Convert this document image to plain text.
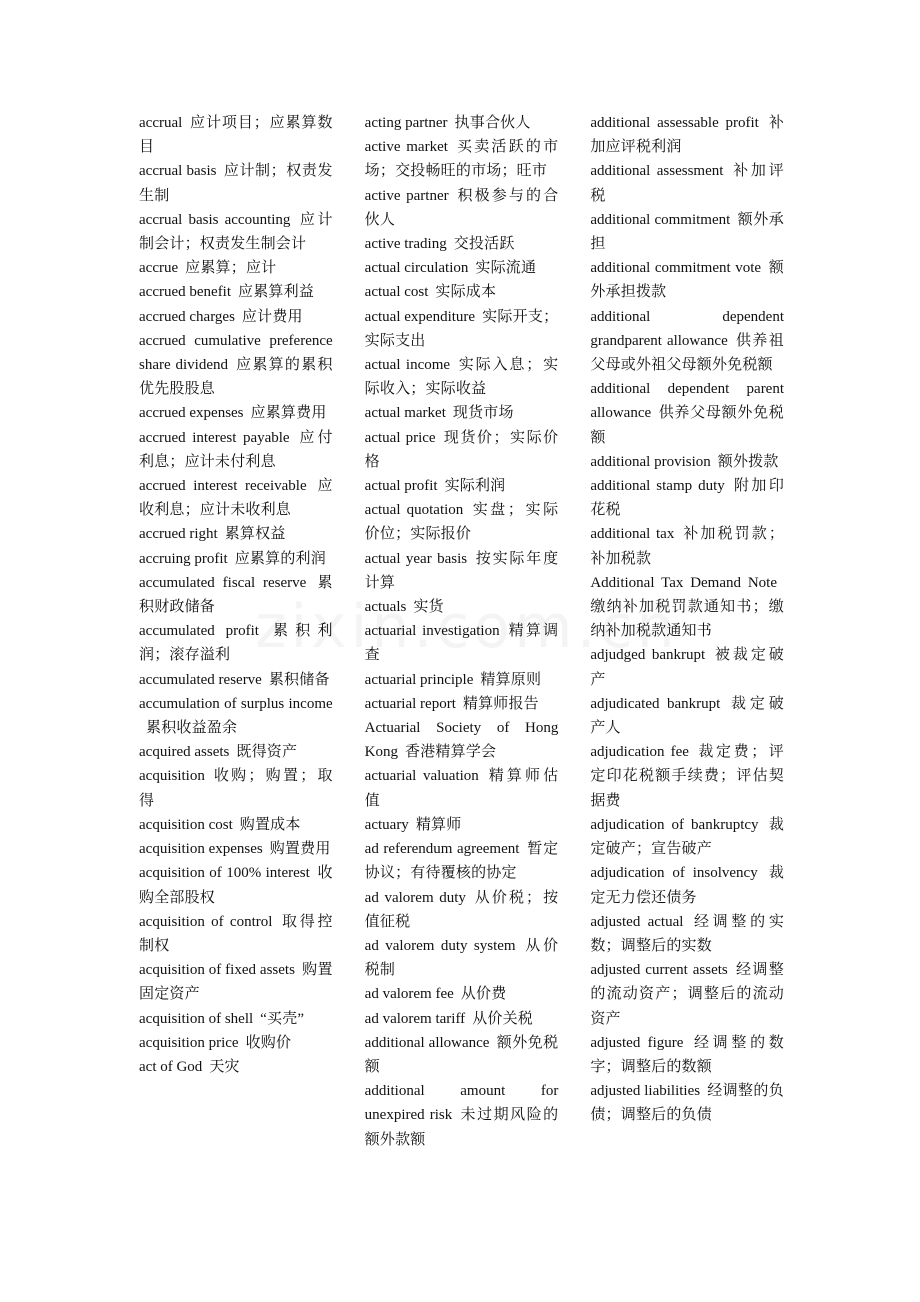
accrual 应计项目；应累算数目
accrual basis 应计制；权责发生制
accrual basis accounting 应计制会计；权责发生制会计
accrue 应累算；应计
accrued benefit 应累算利益
accrued charges 应计费用
accrued cumulative preference share dividend 应累算的累积优先股股息
accrued expenses 应累算费用
accrued interest payable 应付利息；应计未付利息
accrued interest receivable 应收利息；应计未收利息
accrued right 累算权益
accruing profit 应累算的利润
accumulated fiscal reserve 累积财政储备
accumulated profit 累积利润；滚存溢利
accumulated reserve 累积储备
accumulation of surplus income累积收益盈余
acquired assets 既得资产
acquisition 收购；购置；取得
acquisition cost 购置成本
acquisition expenses 购置费用
acquisition of 100% interest 收购全部股权
acquisition of control 取得控制权
acquisition of fixed assets 购置固定资产
acquisition of shell “买壳”
acquisition price 收购价
act of God 天灾
acting partner 执事合伙人
active market 买卖活跃的市场；交投畅旺的市场；旺市
active partner 积极参与的合伙人
active trading 交投活跃
actual circulation 实际流通
actual cost 实际成本
actual expenditure 实际开支；实际支出
actual income 实际入息；实际收入；实际收益
actual market 现货市场
actual price 现货价；实际价格
actual profit 实际利润
actual quotation 实盘；实际价位；实际报价
actual year basis 按实际年度计算
actuals 实货
actuarial investigation 精算调查
actuarial principle 精算原则
actuarial report 精算师报告
Actuarial Society of Hong Kong 香港精算学会
actuarial valuation 精算师估值
actuary 精算师
ad referendum agreement 暂定协议；有待覆核的协定
ad valorem duty 从价税；按值征税
ad valorem duty system 从价税制
ad valorem fee 从价费
ad valorem tariff 从价关税
additional allowance 额外免税额
additional amount for unexpired risk 未过期风险的额外款额
additional assessable profit 补加应评税利润
additional assessment 补加评税
additional commitment 额外承担
additional commitment vote 额外承担拨款
additional dependent grandparent allowance 供养祖父母或外祖父母额外免税额
additional dependent parent allowance 供养父母额外免税额
additional provision 额外拨款
additional stamp duty 附加印花税
additional tax 补加税罚款；补加税款
Additional Tax Demand Note缴纳补加税罚款通知书；缴纳补加税款通知书
adjudged bankrupt 被裁定破产
adjudicated bankrupt 裁定破产人
adjudication fee 裁定费；评定印花税额手续费；评估契据费
adjudication of bankruptcy 裁定破产；宣告破产
adjudication of insolvency 裁定无力偿还债务
adjusted actual 经调整的实数；调整后的实数
adjusted current assets 经调整的流动资产；调整后的流动资产
adjusted figure 经调整的数字；调整后的数额
adjusted liabilities 经调整的负债；调整后的负债
